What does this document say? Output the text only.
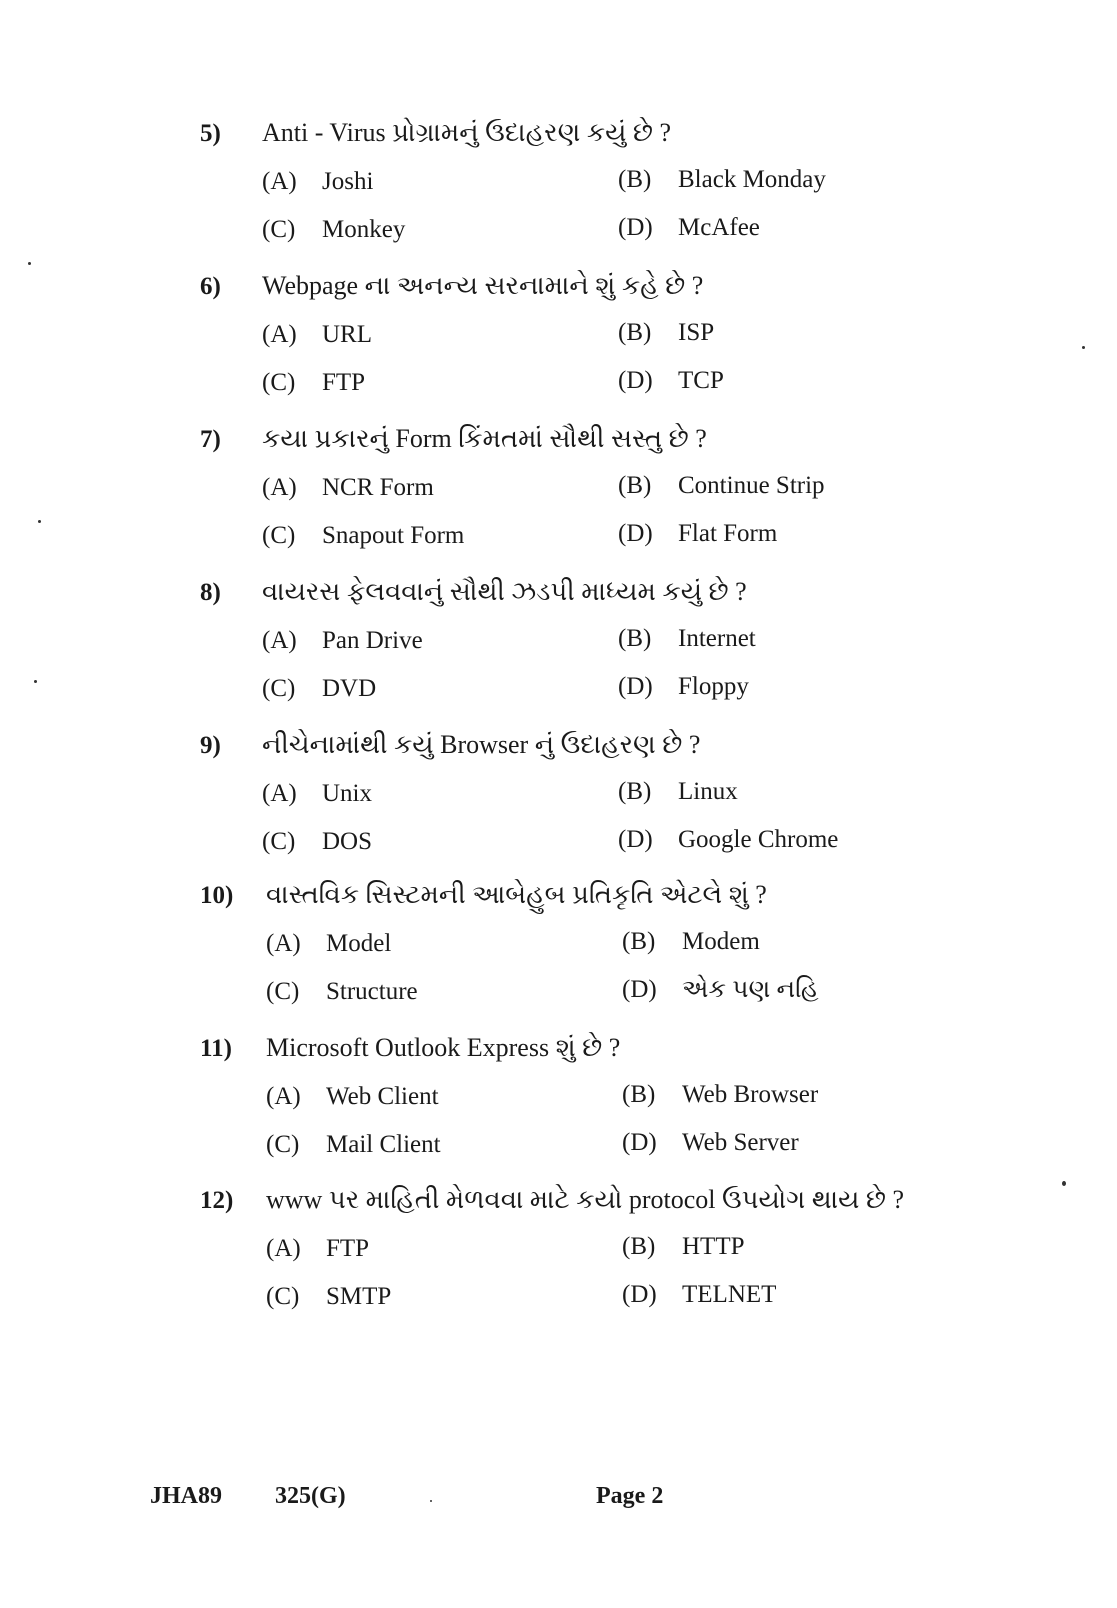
5) Anti - Virus પ્રોગ્રામનું ઉદાહરણ કયું છે ?
(A) Joshi	(B) Black Monday
(C) Monkey	(D) McAfee
6) Webpage ના અનન્ય સરનામાને શું કહે છે ?
(A) URL	(B) ISP
(C) FTP	(D) TCP
7) કયા પ્રકારનું Form કિંમતમાં સૌથી સસ્તુ છે ?
(A) NCR Form	(B) Continue Strip
(C) Snapout Form	(D) Flat Form
8) વાયરસ ફેલવવાનું સૌથી ઝડપી માધ્યમ કયું છે ?
(A) Pan Drive	(B) Internet
(C) DVD	(D) Floppy
9) નીચેનામાંથી કયું Browser નું ઉદાહરણ છે ?
(A) Unix	(B) Linux
(C) DOS	(D) Google Chrome
10) વાસ્તવિક સિસ્ટમની આબેહુબ પ્રતિકૃતિ એટલે શું ?
(A) Model	(B) Modem
(C) Structure	(D) એક પણ નહિ
11) Microsoft Outlook Express શું છે ?
(A) Web Client	(B) Web Browser
(C) Mail Client	(D) Web Server
12) www પર માહિતી મેળવવા માટે કયો protocol ઉપયોગ થાય છે ?
(A) FTP	(B) HTTP
(C) SMTP	(D) TELNET
JHA89 325(G)	Page 2
